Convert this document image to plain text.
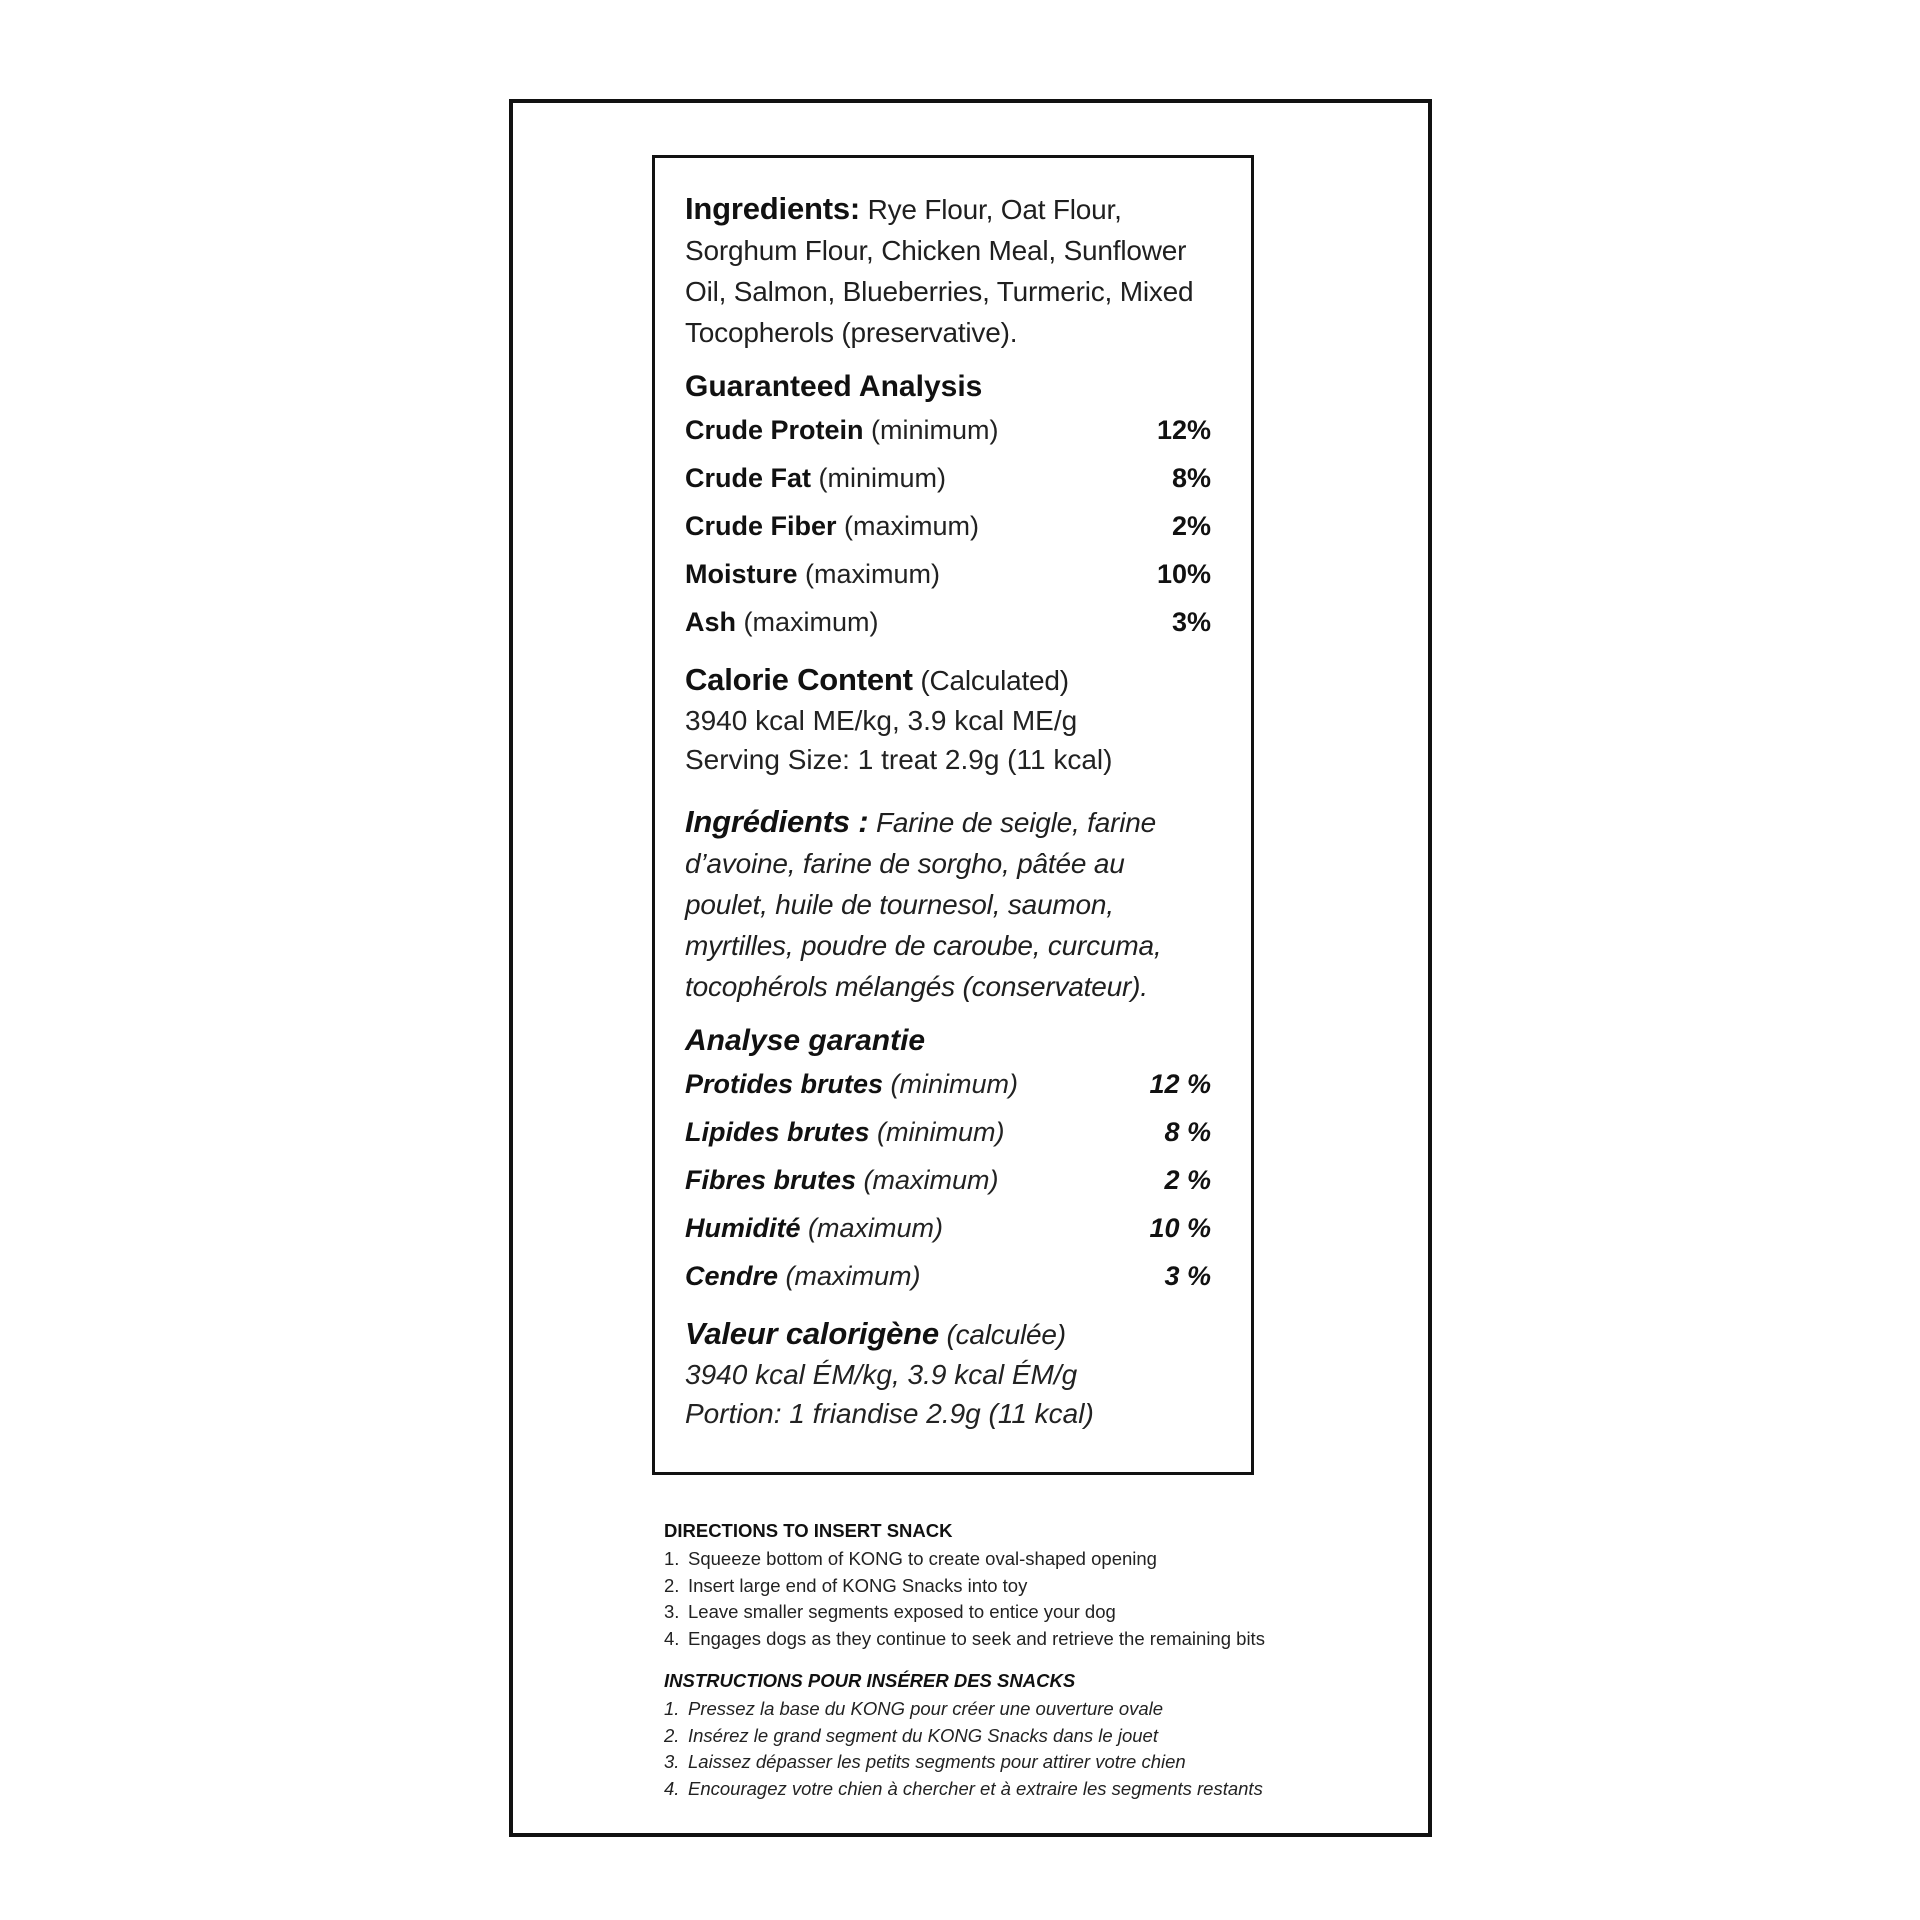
Ingredients: Rye Flour, Oat Flour, Sorghum Flour, Chicken Meal, Sunflower Oil, Salmon, Blueberries, Turmeric, Mixed Tocopherols (preservative).

Guaranteed Analysis
Crude Protein (minimum)	12%
Crude Fat (minimum)	8%
Crude Fiber (maximum)	2%
Moisture (maximum)	10%
Ash (maximum)	3%

Calorie Content (Calculated)

3940 kcal ME/kg, 3.9 kcal ME/g

Serving Size: 1 treat 2.9g (11 kcal)

Ingrédients : Farine de seigle, farine d’avoine, farine de sorgho, pâtée au poulet, huile de tournesol, saumon, myrtilles, poudre de caroube, curcuma, tocophérols mélangés (conservateur).

Analyse garantie
Protides brutes (minimum)	12 %
Lipides brutes (minimum)	8 %
Fibres brutes (maximum)	2 %
Humidité (maximum)	10 %
Cendre (maximum)	3 %

Valeur calorigène (calculée)

3940 kcal ÉM/kg, 3.9 kcal ÉM/g

Portion: 1 friandise 2.9g (11 kcal)

DIRECTIONS TO INSERT SNACK

1. Squeeze bottom of KONG to create oval-shaped opening
2. Insert large end of KONG Snacks into toy
3. Leave smaller segments exposed to entice your dog
4. Engages dogs as they continue to seek and retrieve the remaining bits

INSTRUCTIONS POUR INSÉRER DES SNACKS

1. Pressez la base du KONG pour créer une ouverture ovale
2. Insérez le grand segment du KONG Snacks dans le jouet
3. Laissez dépasser les petits segments pour attirer votre chien
4. Encouragez votre chien à chercher et à extraire les segments restants
